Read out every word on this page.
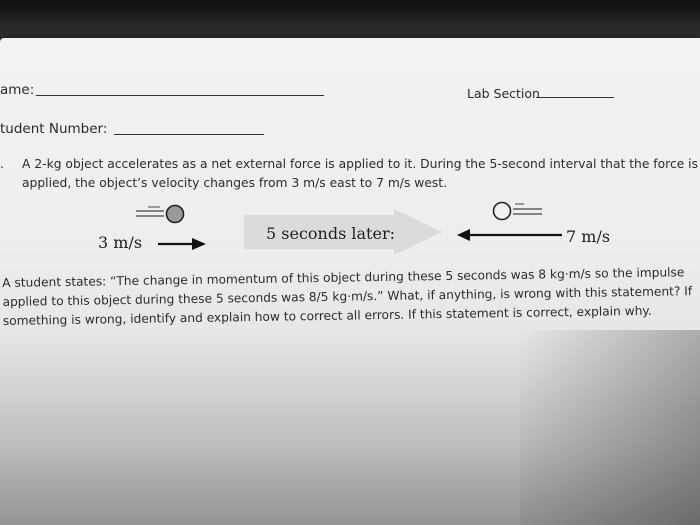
ame:	Lab Section
tudent Number:
. A 2-kg object accelerates as a net external force is applied to it. During the 5-second interval that the force is
applied, the object’s velocity changes from 3 m/s east to 7 m/s west.
3 m/s	5 seconds later:	7 m/s
A student states: “The change in momentum of this object during these 5 seconds was 8 kg·m/s so the impulse
applied to this object during these 5 seconds was 8/5 kg·m/s.” What, if anything, is wrong with this statement? If
something is wrong, identify and explain how to correct all errors. If this statement is correct, explain why.
